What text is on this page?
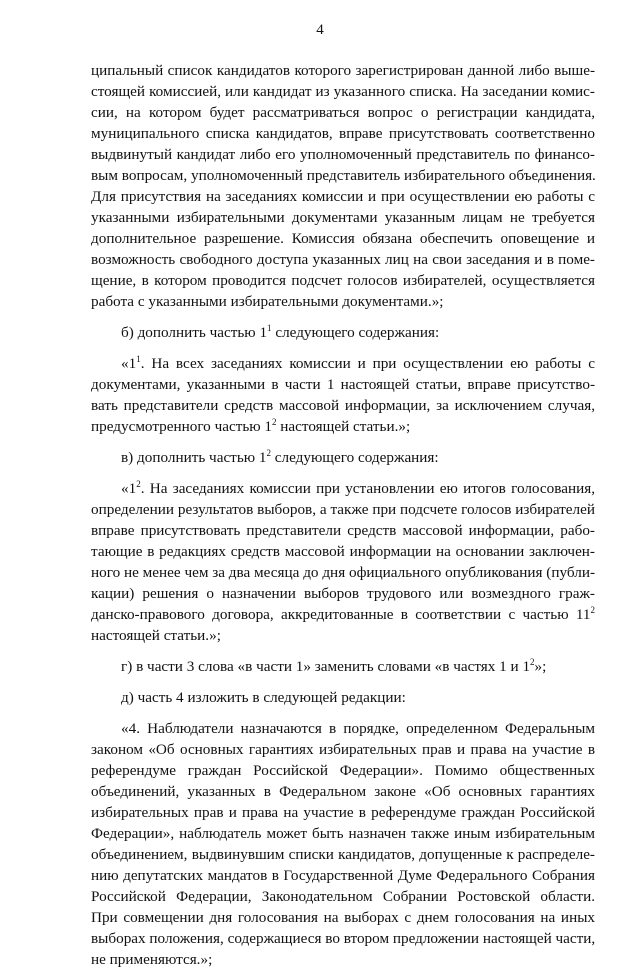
4
ципальный список кандидатов которого зарегистрирован данной либо выше-
стоящей комиссией, или кандидат из указанного списка. На заседании комис-
сии, на котором будет рассматриваться вопрос о регистрации кандидата,
муниципального списка кандидатов, вправе присутствовать соответственно
выдвинутый кандидат либо его уполномоченный представитель по финансо-
вым вопросам, уполномоченный представитель избирательного объединения.
Для присутствия на заседаниях комиссии и при осуществлении ею работы с
указанными избирательными документами указанным лицам не требуется
дополнительное разрешение. Комиссия обязана обеспечить оповещение и
возможность свободного доступа указанных лиц на свои заседания и в поме-
щение, в котором проводится подсчет голосов избирателей, осуществляется
работа с указанными избирательными документами.»;
б) дополнить частью $1^1$ следующего содержания:
«$1^1$. На всех заседаниях комиссии и при осуществлении ею работы с
документами, указанными в части 1 настоящей статьи, вправе присутство-
вать представители средств массовой информации, за исключением случая,
предусмотренного частью $1^2$ настоящей статьи.»;
в) дополнить частью $1^2$ следующего содержания:
«$1^2$. На заседаниях комиссии при установлении ею итогов голосования,
определении результатов выборов, а также при подсчете голосов избирателей
вправе присутствовать представители средств массовой информации, рабо-
тающие в редакциях средств массовой информации на основании заключен-
ного не менее чем за два месяца до дня официального опубликования (публи-
кации) решения о назначении выборов трудового или возмездного граж-
данско-правового договора, аккредитованные в соответствии с частью $11^2$
настоящей статьи.»;
г) в части 3 слова «в части 1» заменить словами «в частях 1 и $1^2$»;
д) часть 4 изложить в следующей редакции:
«4. Наблюдатели назначаются в порядке, определенном Федеральным
законом «Об основных гарантиях избирательных прав и права на участие в
референдуме граждан Российской Федерации». Помимо общественных
объединений, указанных в Федеральном законе «Об основных гарантиях
избирательных прав и права на участие в референдуме граждан Российской
Федерации», наблюдатель может быть назначен также иным избирательным
объединением, выдвинувшим списки кандидатов, допущенные к распределе-
нию депутатских мандатов в Государственной Думе Федерального Собрания
Российской Федерации, Законодательном Собрании Ростовской области.
При совмещении дня голосования на выборах с днем голосования на иных
выборах положения, содержащиеся во втором предложении настоящей части,
не применяются.»;
